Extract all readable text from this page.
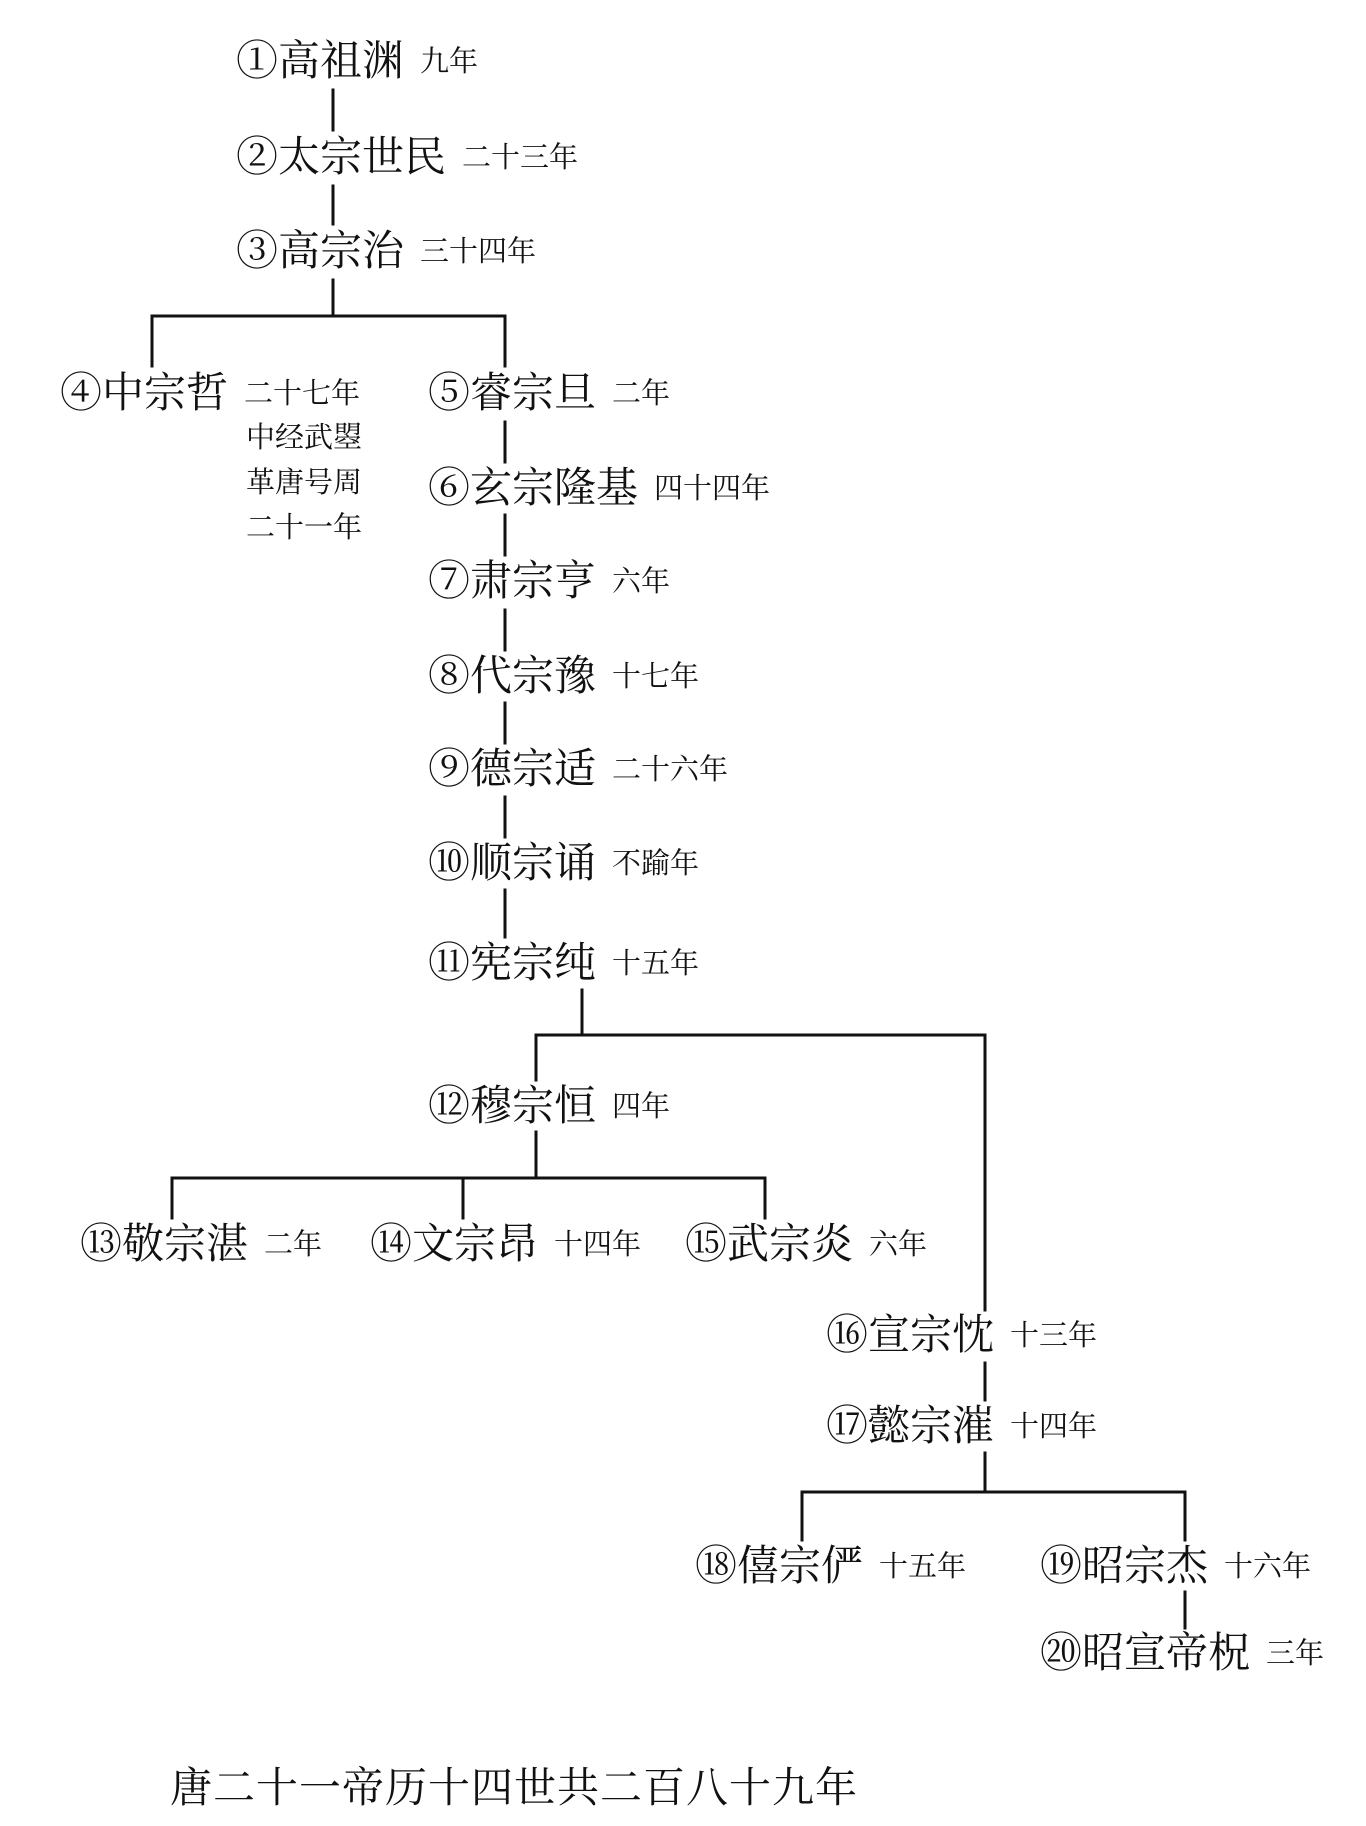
①高祖渊 九年
②太宗世民 二十三年
③高宗治 三十四年
④中宗哲 二十七年 ⑤睿宗旦 二年
⑥玄宗隆基 四十四年
⑦肃宗亨 六年
⑧代宗豫 十七年
⑨德宗适 二十六年
⑩顺宗诵 不踰年
⑪宪宗纯 十五年
⑫穆宗恒 四年
⑬敬宗湛 二年 ⑭文宗昂 十四年 ⑮武宗炎 六年
⑯宣宗忱 十三年
⑰懿宗漼 十四年
⑱僖宗俨 十五年 ⑲昭宗杰 十六年
⑳昭宣帝柷 三年
中经武曌
革唐号周
二十一年
唐二十一帝历十四世共二百八十九年
